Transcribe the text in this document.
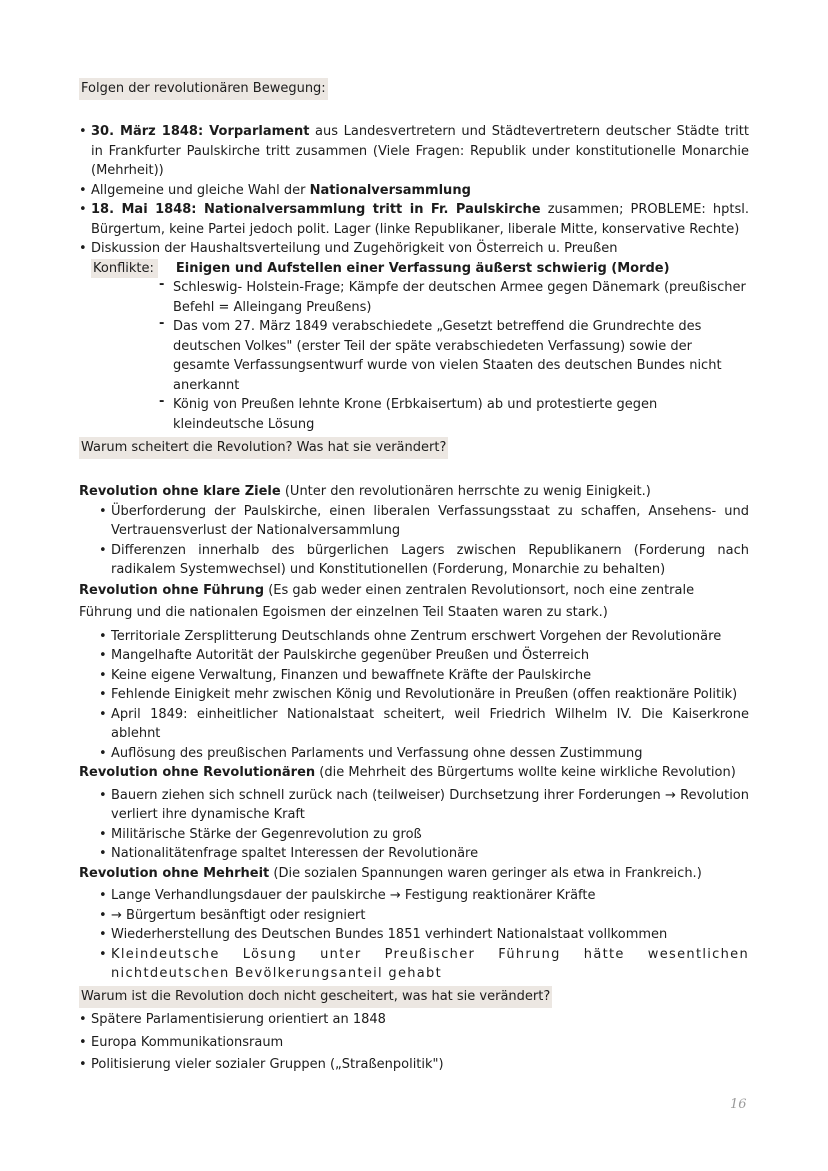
Folgen der revolutionären Bewegung:
• 30. März 1848: Vorparlament aus Landesvertretern und Städtevertretern deutscher Städte tritt in Frankfurter Paulskirche tritt zusammen (Viele Fragen: Republik under konstitutionelle Monarchie (Mehrheit))
• Allgemeine und gleiche Wahl der Nationalversammlung
• 18. Mai 1848: Nationalversammlung tritt in Fr. Paulskirche zusammen; PROBLEME: hptsl. Bürgertum, keine Partei jedoch polit. Lager (linke Republikaner, liberale Mitte, konservative Rechte)
• Diskussion der Haushaltsverteilung und Zugehörigkeit von Österreich u. Preußen
Konflikte:	Einigen und Aufstellen einer Verfassung äußerst schwierig (Morde)
- Schleswig- Holstein-Frage; Kämpfe der deutschen Armee gegen Dänemark (preußischer Befehl = Alleingang Preußens)
- Das vom 27. März 1849 verabschiedete „Gesetzt betreffend die Grundrechte des deutschen Volkes" (erster Teil der späte verabschiedeten Verfassung) sowie der gesamte Verfassungsentwurf wurde von vielen Staaten des deutschen Bundes nicht anerkannt
- König von Preußen lehnte Krone (Erbkaisertum) ab und protestierte gegen kleindeutsche Lösung
Warum scheitert die Revolution? Was hat sie verändert?
Revolution ohne klare Ziele (Unter den revolutionären herrschte zu wenig Einigkeit.)
• Überforderung der Paulskirche, einen liberalen Verfassungsstaat zu schaffen, Ansehens- und Vertrauensverlust der Nationalversammlung
• Differenzen innerhalb des bürgerlichen Lagers zwischen Republikanern (Forderung nach radikalem Systemwechsel) und Konstitutionellen (Forderung, Monarchie zu behalten)
Revolution ohne Führung (Es gab weder einen zentralen Revolutionsort, noch eine zentrale Führung und die nationalen Egoismen der einzelnen Teil Staaten waren zu stark.)
• Territoriale Zersplitterung Deutschlands ohne Zentrum erschwert Vorgehen der Revolutionäre
• Mangelhafte Autorität der Paulskirche gegenüber Preußen und Österreich
• Keine eigene Verwaltung, Finanzen und bewaffnete Kräfte der Paulskirche
• Fehlende Einigkeit mehr zwischen König und Revolutionäre in Preußen (offen reaktionäre Politik)
• April 1849: einheitlicher Nationalstaat scheitert, weil Friedrich Wilhelm IV. Die Kaiserkrone ablehnt
• Auflösung des preußischen Parlaments und Verfassung ohne dessen Zustimmung
Revolution ohne Revolutionären (die Mehrheit des Bürgertums wollte keine wirkliche Revolution)
• Bauern ziehen sich schnell zurück nach (teilweiser) Durchsetzung ihrer Forderungen → Revolution verliert ihre dynamische Kraft
• Militärische Stärke der Gegenrevolution zu groß
• Nationalitätenfrage spaltet Interessen der Revolutionäre
Revolution ohne Mehrheit (Die sozialen Spannungen waren geringer als etwa in Frankreich.)
• Lange Verhandlungsdauer der paulskirche → Festigung reaktionärer Kräfte
• → Bürgertum besänftigt oder resigniert
• Wiederherstellung des Deutschen Bundes 1851 verhindert Nationalstaat vollkommen
• Kleindeutsche Lösung unter Preußischer Führung hätte wesentlichen nichtdeutschen Bevölkerungsanteil gehabt
Warum ist die Revolution doch nicht gescheitert, was hat sie verändert?
• Spätere Parlamentisierung orientiert an 1848
• Europa Kommunikationsraum
• Politisierung vieler sozialer Gruppen („Straßenpolitik")
16
